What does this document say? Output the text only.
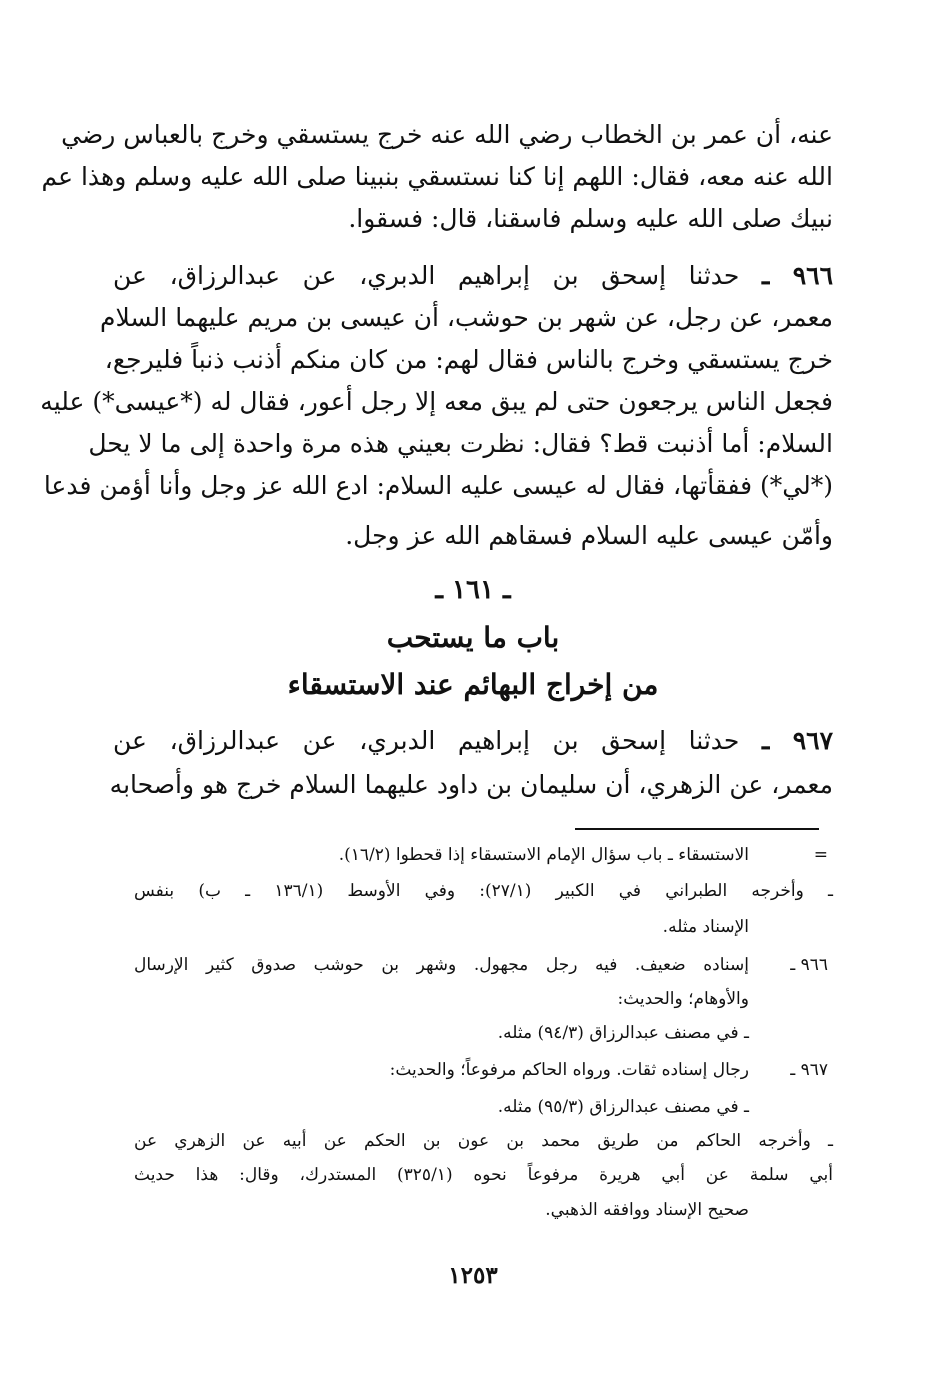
عنه، أن عمر بن الخطاب رضي الله عنه خرج يستسقي وخرج بالعباس رضي
الله عنه معه، فقال: اللهم إنا كنا نستسقي بنبينا صلى الله عليه وسلم وهذا عم
نبيك صلى الله عليه وسلم فاسقنا، قال: فسقوا.
٩٦٦ ـ حدثنا إسحق بن إبراهيم الدبري، عن عبدالرزاق، عن
معمر، عن رجل، عن شهر بن حوشب، أن عيسى بن مريم عليهما السلام
خرج يستسقي وخرج بالناس فقال لهم: من كان منكم أذنب ذنباً فليرجع،
فجعل الناس يرجعون حتى لم يبق معه إلا رجل أعور، فقال له (*عيسى*) عليه
السلام: أما أذنبت قط؟ فقال: نظرت بعيني هذه مرة واحدة إلى ما لا يحل
(*لي*) ففقأتها، فقال له عيسى عليه السلام: ادع الله عز وجل وأنا أؤمن فدعا
وأمّن عيسى عليه السلام فسقاهم الله عز وجل.
ـ ١٦١ ـ
باب ما يستحب
من إخراج البهائم عند الاستسقاء
٩٦٧ ـ حدثنا إسحق بن إبراهيم الدبري، عن عبدالرزاق، عن
معمر، عن الزهري، أن سليمان بن داود عليهما السلام خرج هو وأصحابه
=
الاستسقاء ـ باب سؤال الإمام الاستسقاء إذا قحطوا (١٦/٢).
ـ وأخرجه الطبراني في الكبير (٢٧/١): وفي الأوسط (١٣٦/١ ـ ب) بنفس
الإسناد مثله.
٩٦٦ ـ
إسناده ضعيف. فيه رجل مجهول. وشهر بن حوشب صدوق كثير الإرسال
والأوهام؛ والحديث:
ـ في مصنف عبدالرزاق (٩٤/٣) مثله.
٩٦٧ ـ
رجال إسناده ثقات. ورواه الحاكم مرفوعاً؛ والحديث:
ـ في مصنف عبدالرزاق (٩٥/٣) مثله.
ـ وأخرجه الحاكم من طريق محمد بن عون بن الحكم عن أبيه عن الزهري عن
أبي سلمة عن أبي هريرة مرفوعاً نحوه (٣٢٥/١) المستدرك، وقال: هذا حديث
صحيح الإسناد ووافقه الذهبي.
١٢٥٣
